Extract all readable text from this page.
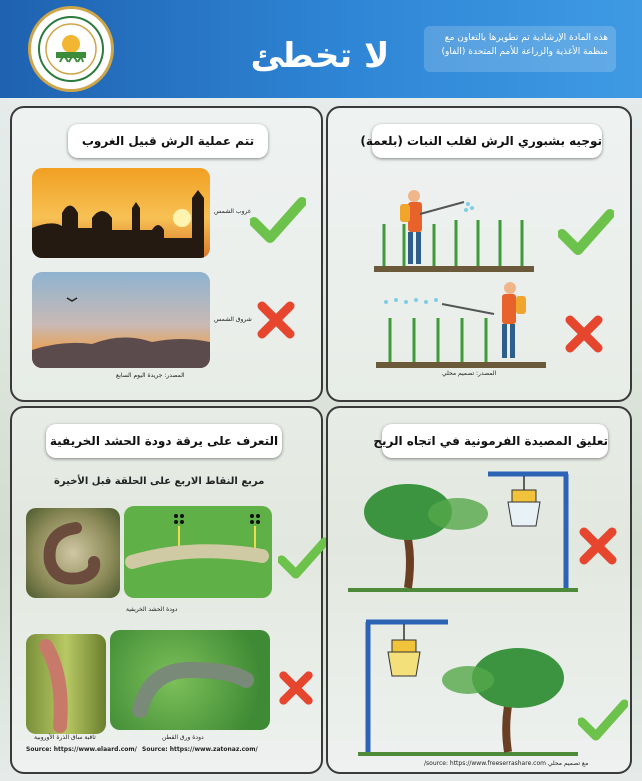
لا تخطئ	هذه المادة الإرشادية تم تطويرها بالتعاون مع منظمة الأغذية والزراعة للأمم المتحدة (الفاو)
تتم عملية الرش قبيل الغروب
غروب الشمس
المصدر: جريدة اليوم السابع
شروق الشمس
توجيه بشبوري الرش لقلب النبات (بلعمة)
المصدر: تصميم محلي
التعرف على يرقة دودة الحشد الخريفية
مربع النقاط الاربع على الحلقة قبل الأخيرة
دودة الحشد الخريفية
ثاقبة ساق الذرة الأوروبية	دودة ورق القطن
Source: https://www.elaard.com/ Source: https://www.zatonaz.com/
تعليق المصيدة الفرمونية في اتجاه الريح
مع تصميم محلي source: https://www.freeserrashare.com/
